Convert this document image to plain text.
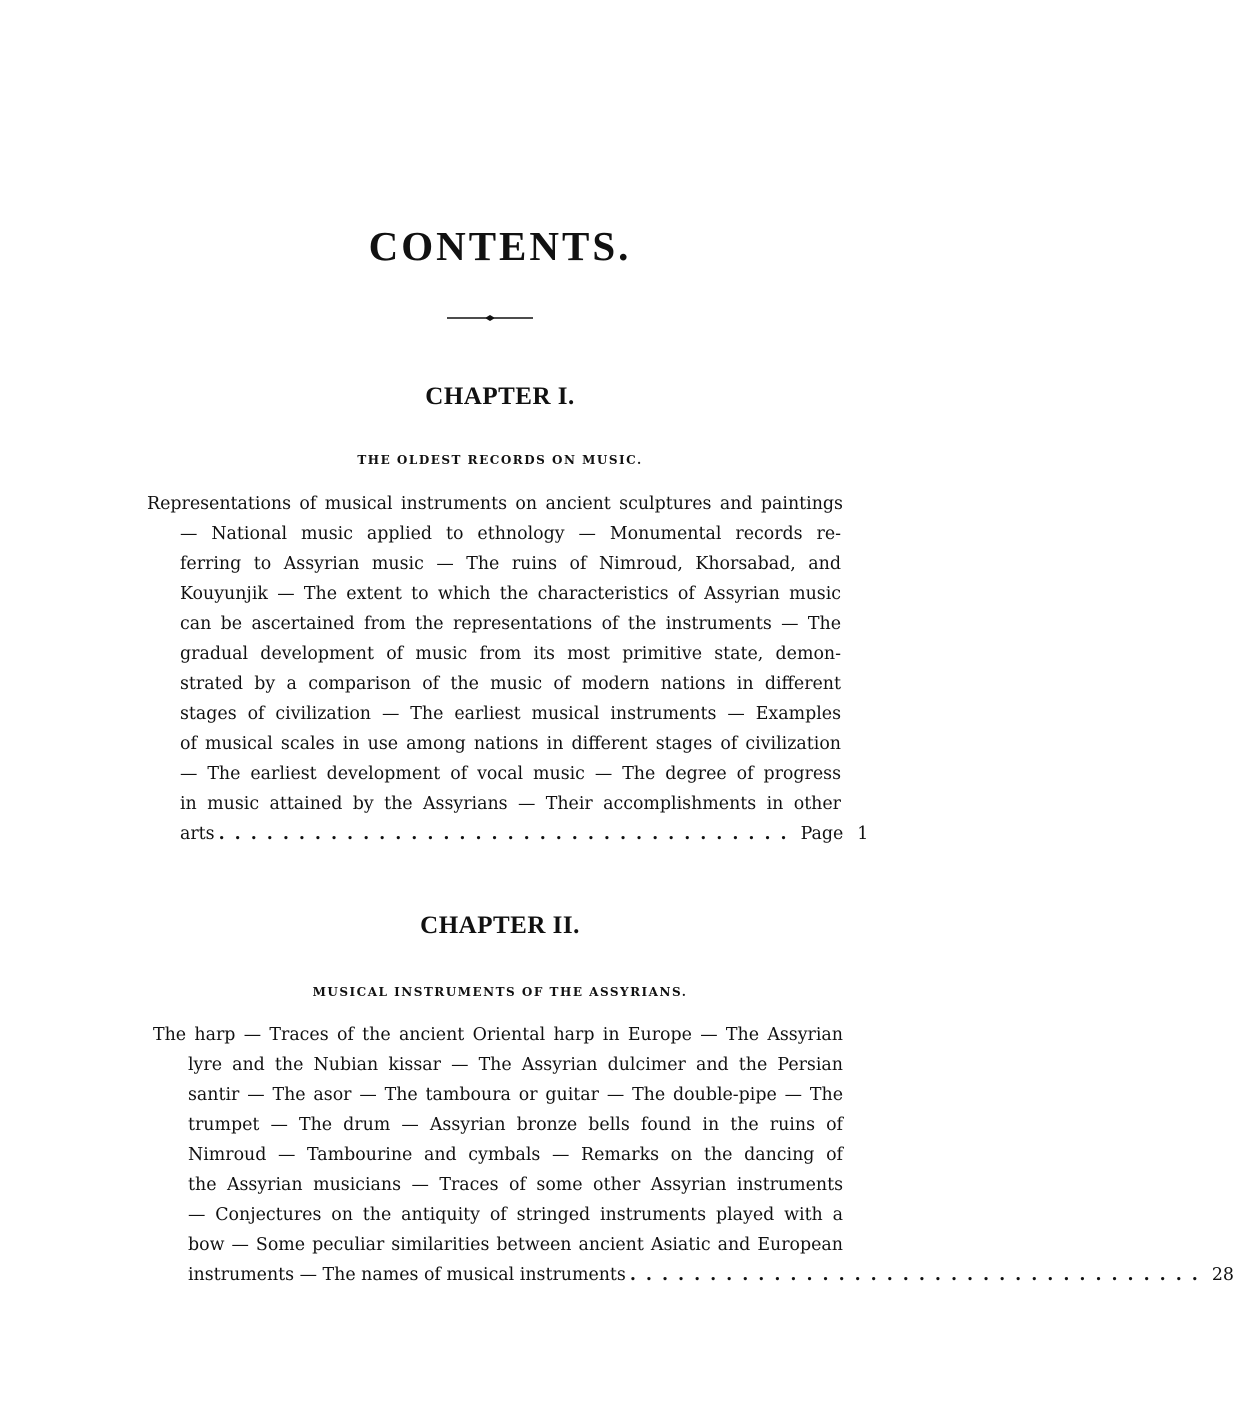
CONTENTS.
CHAPTER I.
THE OLDEST RECORDS ON MUSIC.
Representations of musical instruments on ancient sculptures and paintings
— National music applied to ethnology — Monumental records re-
ferring to Assyrian music — The ruins of Nimroud, Khorsabad, and
Kouyunjik — The extent to which the characteristics of Assyrian music
can be ascertained from the representations of the instruments — The
gradual development of music from its most primitive state, demon-
strated by a comparison of the music of modern nations in different
stages of civilization — The earliest musical instruments — Examples
of musical scales in use among nations in different stages of civilization
— The earliest development of vocal music — The degree of progress
in music attained by the Assyrians — Their accomplishments in other
arts .................................... Page 1
CHAPTER II.
MUSICAL INSTRUMENTS OF THE ASSYRIANS.
The harp — Traces of the ancient Oriental harp in Europe — The Assyrian
lyre and the Nubian kissar — The Assyrian dulcimer and the Persian
santir — The asor — The tamboura or guitar — The double-pipe — The
trumpet — The drum — Assyrian bronze bells found in the ruins of
Nimroud — Tambourine and cymbals — Remarks on the dancing of
the Assyrian musicians — Traces of some other Assyrian instruments
— Conjectures on the antiquity of stringed instruments played with a
bow — Some peculiar similarities between ancient Asiatic and European
instruments — The names of musical instruments .................................... 28
